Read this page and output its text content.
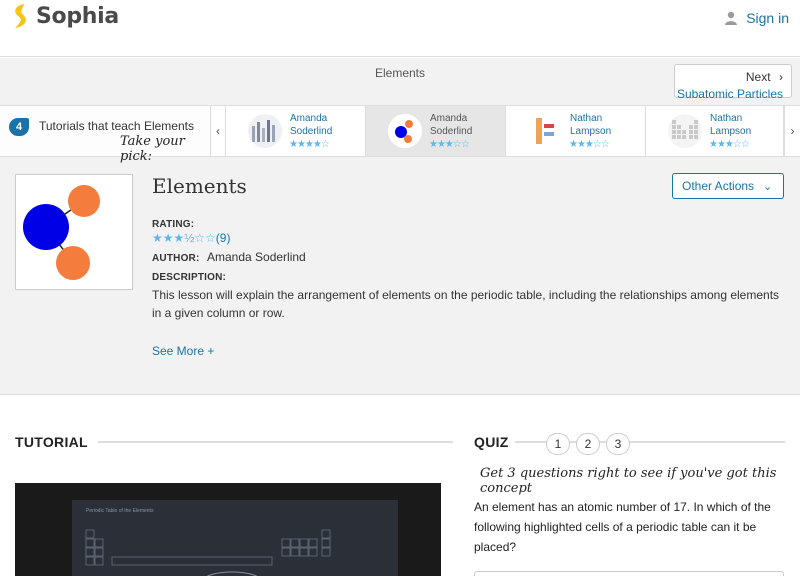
Sophia	Sign in
Elements	Next ›
Subatomic Particles
4	Tutorials that teach Elements
Take your pick:
‹
Amanda
Soderlind
★★★★☆
Amanda
Soderlind
★★★☆☆
Nathan
Lampson
★★★☆☆
Nathan
Lampson
★★★☆☆
›
Elements	Other Actions ⌄
RATING:
★★★½☆☆(9)
AUTHOR: Amanda Soderlind
DESCRIPTION:
This lesson will explain the arrangement of elements on the periodic table, including the relationships among elements in a given column or row.
See More +
TUTORIAL
Periodic Table of the Elements
QUIZ	1	2	3
Get 3 questions right to see if you've got this concept
An element has an atomic number of 17. In which of the following highlighted cells of a periodic table can it be placed?
